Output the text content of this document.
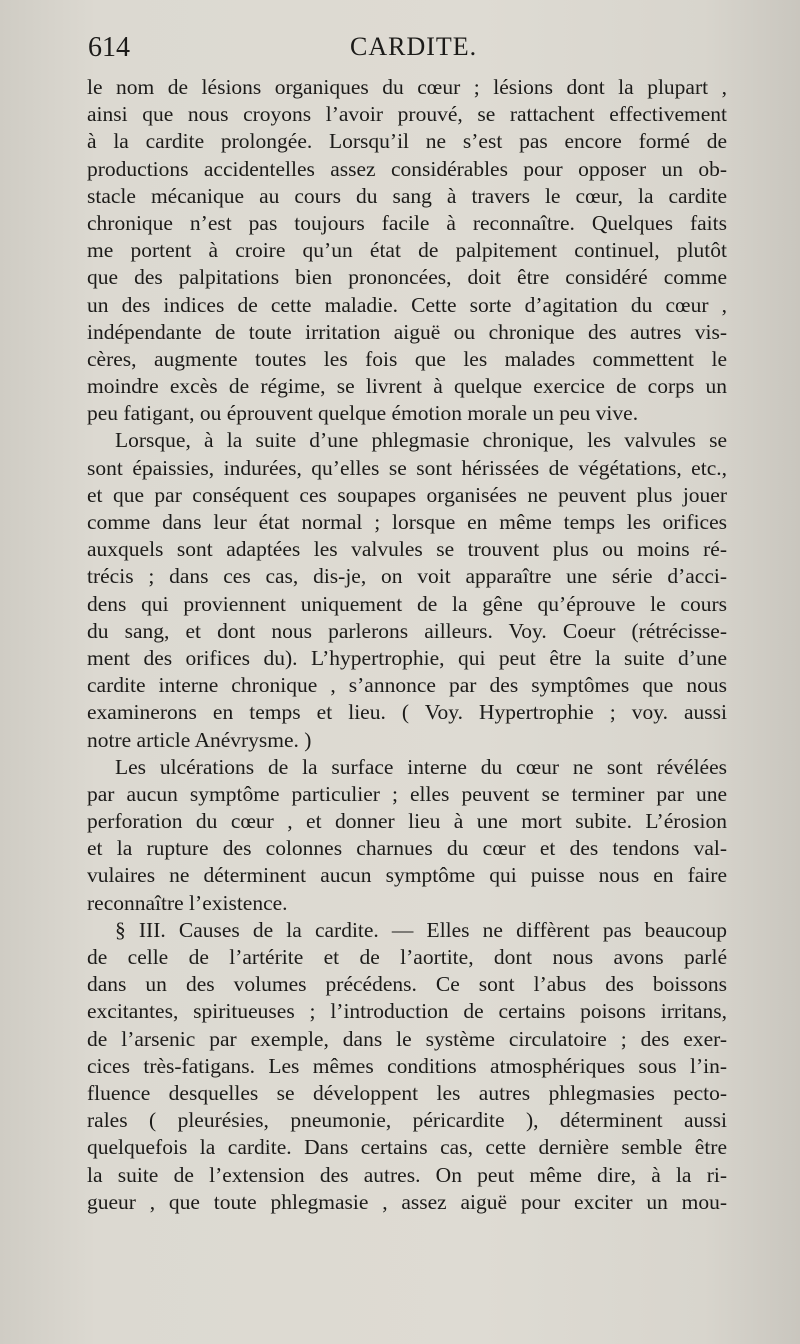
614	CARDITE.
le nom de lésions organiques du cœur ; lésions dont la plupart ,
ainsi que nous croyons l’avoir prouvé, se rattachent effectivement
à la cardite prolongée. Lorsqu’il ne s’est pas encore formé de
productions accidentelles assez considérables pour opposer un ob-
stacle mécanique au cours du sang à travers le cœur, la cardite
chronique n’est pas toujours facile à reconnaître. Quelques faits
me portent à croire qu’un état de palpitement continuel, plutôt
que des palpitations bien prononcées, doit être considéré comme
un des indices de cette maladie. Cette sorte d’agitation du cœur ,
indépendante de toute irritation aiguë ou chronique des autres vis-
cères, augmente toutes les fois que les malades commettent le
moindre excès de régime, se livrent à quelque exercice de corps un
peu fatigant, ou éprouvent quelque émotion morale un peu vive.
Lorsque, à la suite d’une phlegmasie chronique, les valvules se
sont épaissies, indurées, qu’elles se sont hérissées de végétations, etc.,
et que par conséquent ces soupapes organisées ne peuvent plus jouer
comme dans leur état normal ; lorsque en même temps les orifices
auxquels sont adaptées les valvules se trouvent plus ou moins ré-
trécis ; dans ces cas, dis-je, on voit apparaître une série d’acci-
dens qui proviennent uniquement de la gêne qu’éprouve le cours
du sang, et dont nous parlerons ailleurs. Voy. Coeur (rétrécisse-
ment des orifices du). L’hypertrophie, qui peut être la suite d’une
cardite interne chronique , s’annonce par des symptômes que nous
examinerons en temps et lieu. ( Voy. Hypertrophie ; voy. aussi
notre article Anévrysme. )
Les ulcérations de la surface interne du cœur ne sont révélées
par aucun symptôme particulier ; elles peuvent se terminer par une
perforation du cœur , et donner lieu à une mort subite. L’érosion
et la rupture des colonnes charnues du cœur et des tendons val-
vulaires ne déterminent aucun symptôme qui puisse nous en faire
reconnaître l’existence.
§ III. Causes de la cardite. — Elles ne diffèrent pas beaucoup
de celle de l’artérite et de l’aortite, dont nous avons parlé
dans un des volumes précédens. Ce sont l’abus des boissons
excitantes, spiritueuses ; l’introduction de certains poisons irritans,
de l’arsenic par exemple, dans le système circulatoire ; des exer-
cices très-fatigans. Les mêmes conditions atmosphériques sous l’in-
fluence desquelles se développent les autres phlegmasies pecto-
rales ( pleurésies, pneumonie, péricardite ), déterminent aussi
quelquefois la cardite. Dans certains cas, cette dernière semble être
la suite de l’extension des autres. On peut même dire, à la ri-
gueur , que toute phlegmasie , assez aiguë pour exciter un mou-
